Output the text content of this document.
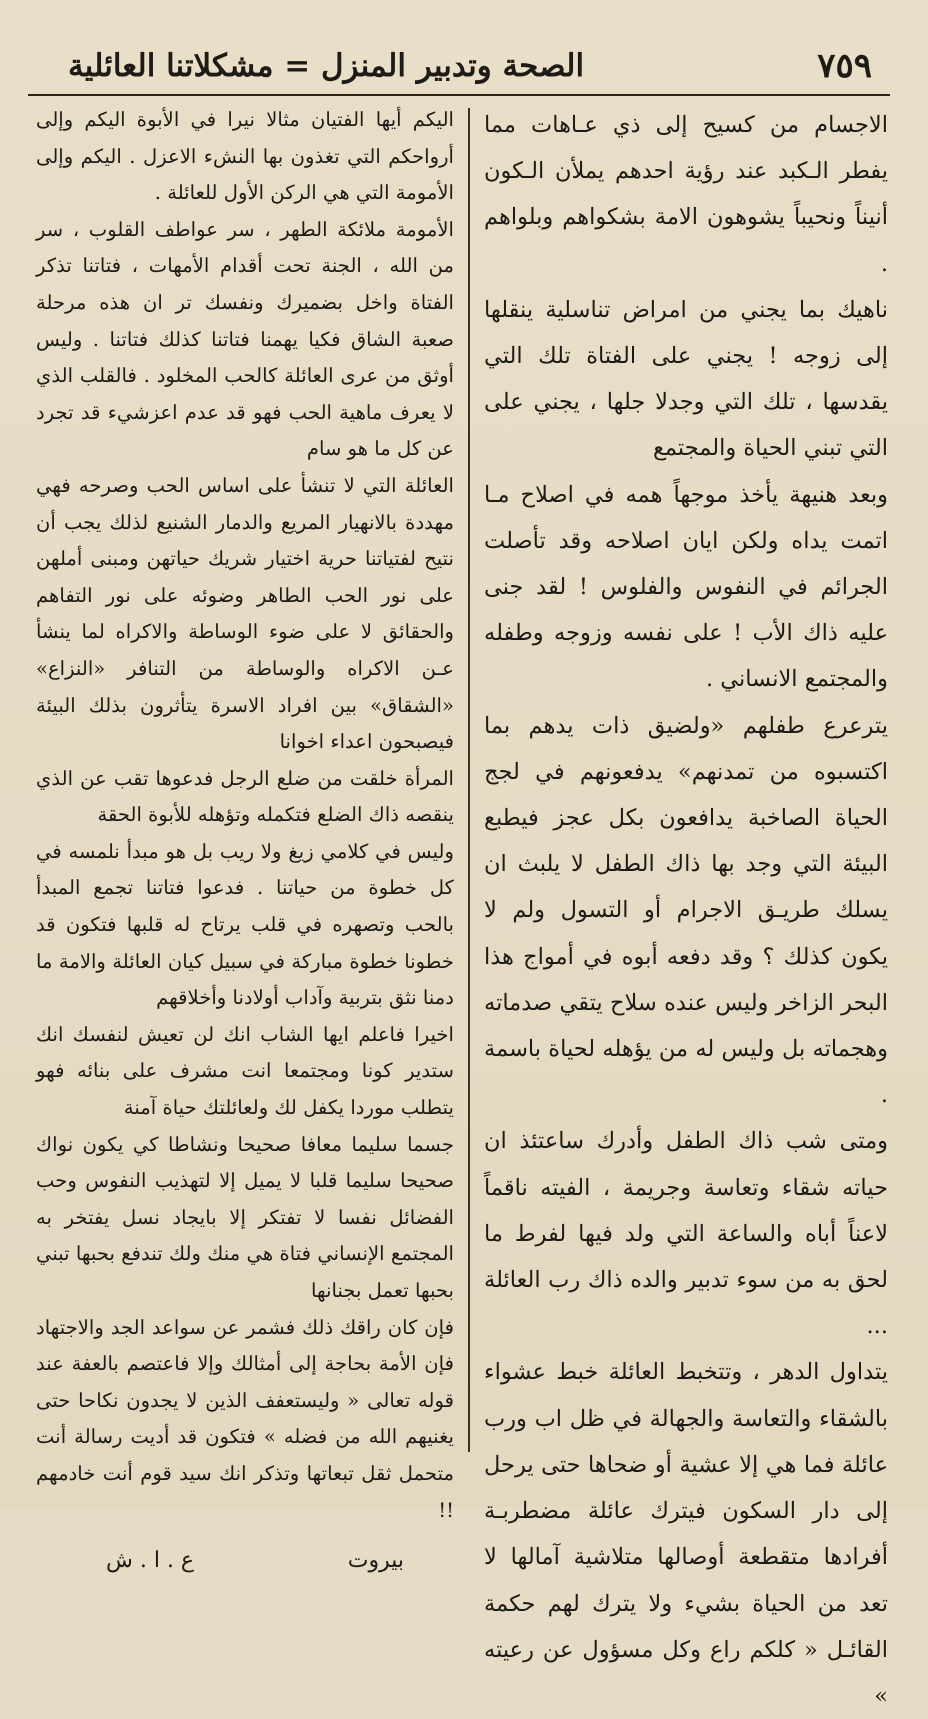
٧٥٩
الصحة وتدبير المنزل = مشكلاتنا العائلية

الاجسام من كسيح إلى ذي عـاهات مما يفطر الـكبد عند رؤية احدهم يملأن الـكون أنيناً ونحيباً يشوهون الامة بشكواهم وبلواهم .

ناهيك بما يجني من امراض تناسلية ينقلها إلى زوجه ! يجني على الفتاة تلك التي يقدسها ، تلك التي وجدلا جلها ، يجني على التي تبني الحياة والمجتمع

وبعد هنيهة يأخذ موجهاً همه في اصلاح مـا اتمت يداه ولكن ايان اصلاحه وقد تأصلت الجرائم في النفوس والفلوس ! لقد جنى عليه ذاك الأب ! على نفسه وزوجه وطفله والمجتمع الانساني .

يترعرع طفلهم «ولضيق ذات يدهم بما اكتسبوه من تمدنهم» يدفعونهم في لجج الحياة الصاخبة يدافعون بكل عجز فيطبع البيئة التي وجد بها ذاك الطفل لا يلبث ان يسلك طريـق الاجرام أو التسول ولم لا يكون كذلك ؟ وقد دفعه أبوه في أمواج هذا البحر الزاخر وليس عنده سلاح يتقي صدماته وهجماته بل وليس له من يؤهله لحياة باسمة .

ومتى شب ذاك الطفل وأدرك ساعتئذ ان حياته شقاء وتعاسة وجريمة ، الفيته ناقماً لاعناً أباه والساعة التي ولد فيها لفرط ما لحق به من سوء تدبير والده ذاك رب العائلة ...

يتداول الدهر ، وتتخبط العائلة خبط عشواء بالشقاء والتعاسة والجهالة في ظل اب ورب عائلة فما هي إلا عشية أو ضحاها حتى يرحل إلى دار السكون فيترك عائلة مضطربـة أفرادها متقطعة أوصالها متلاشية آمالها لا تعد من الحياة بشيء ولا يترك لهم حكمة القائـل « كلكم راع وكل مسؤول عن رعيته »

اليكم أيها الفتيان مثالا نيرا في الأبوة اليكم وإلى أرواحكم التي تغذون بها النشء الاعزل . اليكم وإلى الأمومة التي هي الركن الأول للعائلة .

الأمومة ملائكة الطهر ، سر عواطف القلوب ، سر من الله ، الجنة تحت أقدام الأمهات ، فتاتنا تذكر الفتاة واخل بضميرك ونفسك تر ان هذه مرحلة صعبة الشاق فكيا يهمنا فتاتنا كذلك فتاتنا . وليس أوثق من عرى العائلة كالحب المخلود . فالقلب الذي لا يعرف ماهية الحب فهو قد عدم اعزشيء قد تجرد عن كل ما هو سام

العائلة التي لا تنشأ على اساس الحب وصرحه فهي مهددة بالانهيار المريع والدمار الشنيع لذلك يجب أن نتيح لفتياتنا حرية اختيار شريك حياتهن ومبنى أملهن على نور الحب الطاهر وضوئه على نور التفاهم والحقائق لا على ضوء الوساطة والاكراه لما ينشأ عـن الاكراه والوساطة من التنافر «النزاع» «الشقاق» بين افراد الاسرة يتأثرون بذلك البيئة فيصبحون اعداء اخوانا

المرأة خلقت من ضلع الرجل فدعوها تقب عن الذي ينقصه ذاك الضلع فتكمله وتؤهله للأبوة الحقة

وليس في كلامي زيغ ولا ريب بل هو مبدأ نلمسه في كل خطوة من حياتنا . فدعوا فتاتنا تجمع المبدأ بالحب وتصهره في قلب يرتاح له قلبها فتكون قد خطونا خطوة مباركة في سبيل كيان العائلة والامة ما دمنا نثق بتربية وآداب أولادنا وأخلاقهم

اخيرا فاعلم ايها الشاب انك لن تعيش لنفسك انك ستدير كونا ومجتمعا انت مشرف على بنائه فهو يتطلب موردا يكفل لك ولعائلتك حياة آمنة

جسما سليما معافا صحيحا ونشاطا كي يكون نواك صحيحا سليما قلبا لا يميل إلا لتهذيب النفوس وحب الفضائل نفسا لا تفتكر إلا بايجاد نسل يفتخر به المجتمع الإنساني فتاة هي منك ولك تندفع بحبها تبني بحبها تعمل بجنانها

فإن كان راقك ذلك فشمر عن سواعد الجد والاجتهاد فإن الأمة بحاجة إلى أمثالك وإلا فاعتصم بالعفة عند قوله تعالى « وليستعفف الذين لا يجدون نكاحا حتى يغنيهم الله من فضله » فتكون قد أديت رسالة أنت متحمل ثقل تبعاتها وتذكر انك سيد قوم أنت خادمهم !!

بيروت
ع . ا . ش
